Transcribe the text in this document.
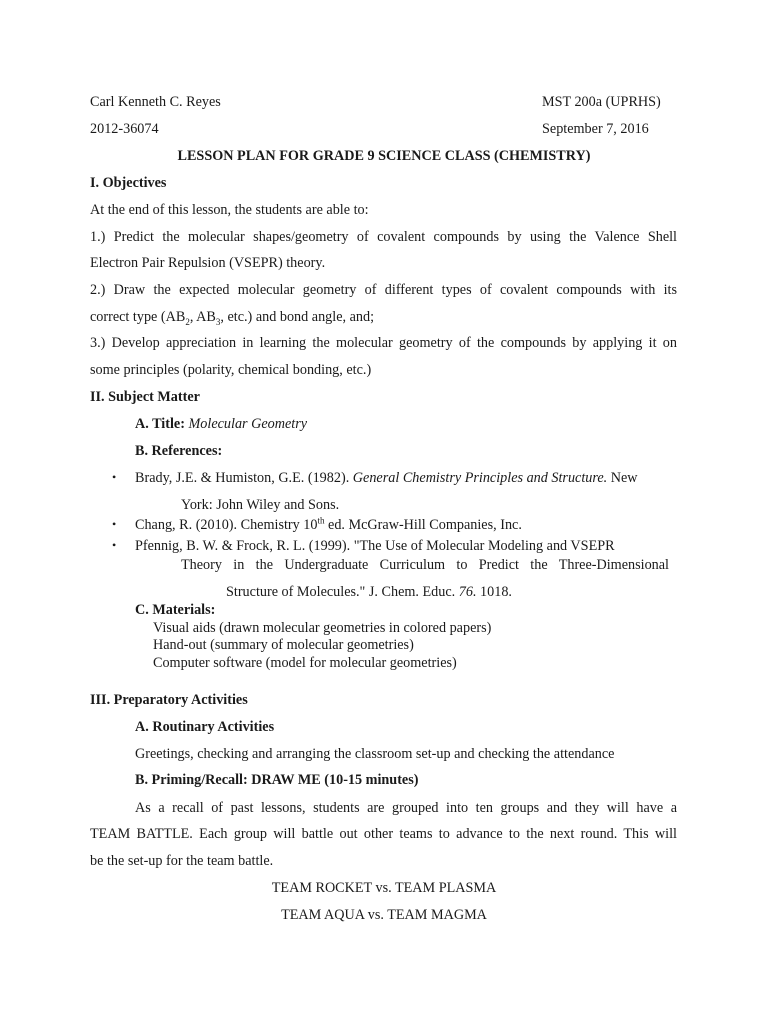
Carl Kenneth C. Reyes	MST 200a (UPRHS)
2012-36074	September 7, 2016
LESSON PLAN FOR GRADE 9 SCIENCE CLASS (CHEMISTRY)
I. Objectives
At the end of this lesson, the students are able to:
1.) Predict the molecular shapes/geometry of covalent compounds by using the Valence Shell
Electron Pair Repulsion (VSEPR) theory.
2.) Draw the expected molecular geometry of different types of covalent compounds with its
correct type ($AB_2$, $AB_3$, etc.) and bond angle, and;
3.) Develop appreciation in learning the molecular geometry of the compounds by applying it on
some principles (polarity, chemical bonding, etc.)
II. Subject Matter
A. Title: Molecular Geometry
B. References:
• Brady, J.E. & Humiston, G.E. (1982). General Chemistry Principles and Structure. New
York: John Wiley and Sons.
• Chang, R. (2010). Chemistry 10th ed. McGraw-Hill Companies, Inc.
• Pfennig, B. W. & Frock, R. L. (1999). "The Use of Molecular Modeling and VSEPR
Theory in the Undergraduate Curriculum to Predict the Three-Dimensional
Structure of Molecules." J. Chem. Educ. 76. 1018.
C. Materials:
Visual aids (drawn molecular geometries in colored papers)
Hand-out (summary of molecular geometries)
Computer software (model for molecular geometries)
III. Preparatory Activities
A. Routinary Activities
Greetings, checking and arranging the classroom set-up and checking the attendance
B. Priming/Recall: DRAW ME (10-15 minutes)
As a recall of past lessons, students are grouped into ten groups and they will have a
TEAM BATTLE. Each group will battle out other teams to advance to the next round. This will
be the set-up for the team battle.
TEAM ROCKET vs. TEAM PLASMA
TEAM AQUA vs. TEAM MAGMA
